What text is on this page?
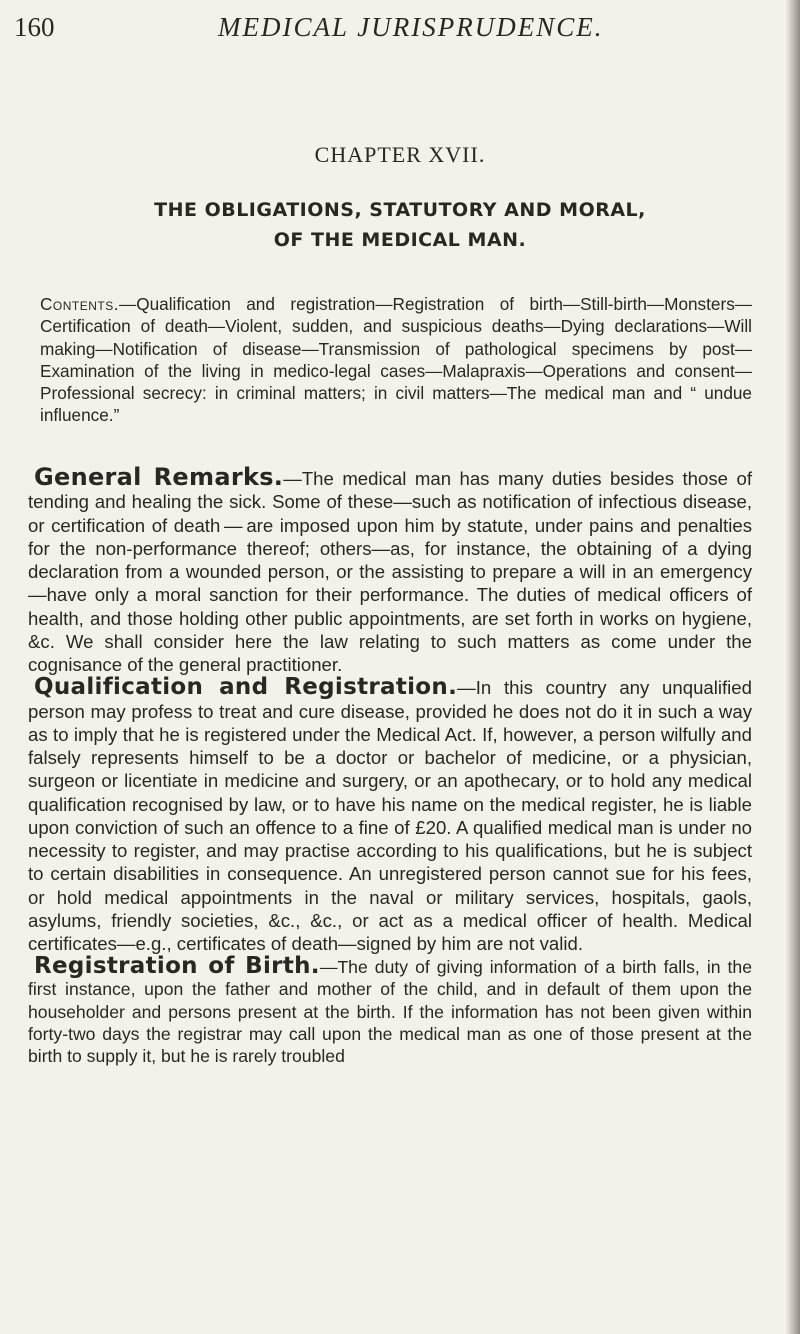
160	MEDICAL JURISPRUDENCE.
CHAPTER XVII.
THE OBLIGATIONS, STATUTORY AND MORAL,
OF THE MEDICAL MAN.
Contents.—Qualification and registration—Registration of birth—Still-birth—Monsters—Certification of death—Violent, sudden, and suspicious deaths—Dying declarations—Will making—Notification of disease—Transmission of pathological specimens by post—Examination of the living in medico-legal cases—Malapraxis—Operations and consent—Professional secrecy: in criminal matters; in civil matters—The medical man and “ undue influence.”

General Remarks.—The medical man has many duties besides those of tending and healing the sick. Some of these—such as notification of infectious disease, or certification of death — are imposed upon him by statute, under pains and penalties for the non-performance thereof; others—as, for instance, the obtaining of a dying declaration from a wounded person, or the assisting to prepare a will in an emergency—have only a moral sanction for their performance. The duties of medical officers of health, and those holding other public appointments, are set forth in works on hygiene, &c. We shall consider here the law relating to such matters as come under the cognisance of the general practitioner.

Qualification and Registration.—In this country any unqualified person may profess to treat and cure disease, provided he does not do it in such a way as to imply that he is registered under the Medical Act. If, however, a person wilfully and falsely represents himself to be a doctor or bachelor of medicine, or a physician, surgeon or licentiate in medicine and surgery, or an apothecary, or to hold any medical qualification recognised by law, or to have his name on the medical register, he is liable upon conviction of such an offence to a fine of £20. A qualified medical man is under no necessity to register, and may practise according to his qualifications, but he is subject to certain disabilities in consequence. An unregistered person cannot sue for his fees, or hold medical appointments in the naval or military services, hospitals, gaols, asylums, friendly societies, &c., &c., or act as a medical officer of health. Medical certificates—e.g., certificates of death—signed by him are not valid.

Registration of Birth.—The duty of giving information of a birth falls, in the first instance, upon the father and mother of the child, and in default of them upon the householder and persons present at the birth. If the information has not been given within forty-two days the registrar may call upon the medical man as one of those present at the birth to supply it, but he is rarely troubled
